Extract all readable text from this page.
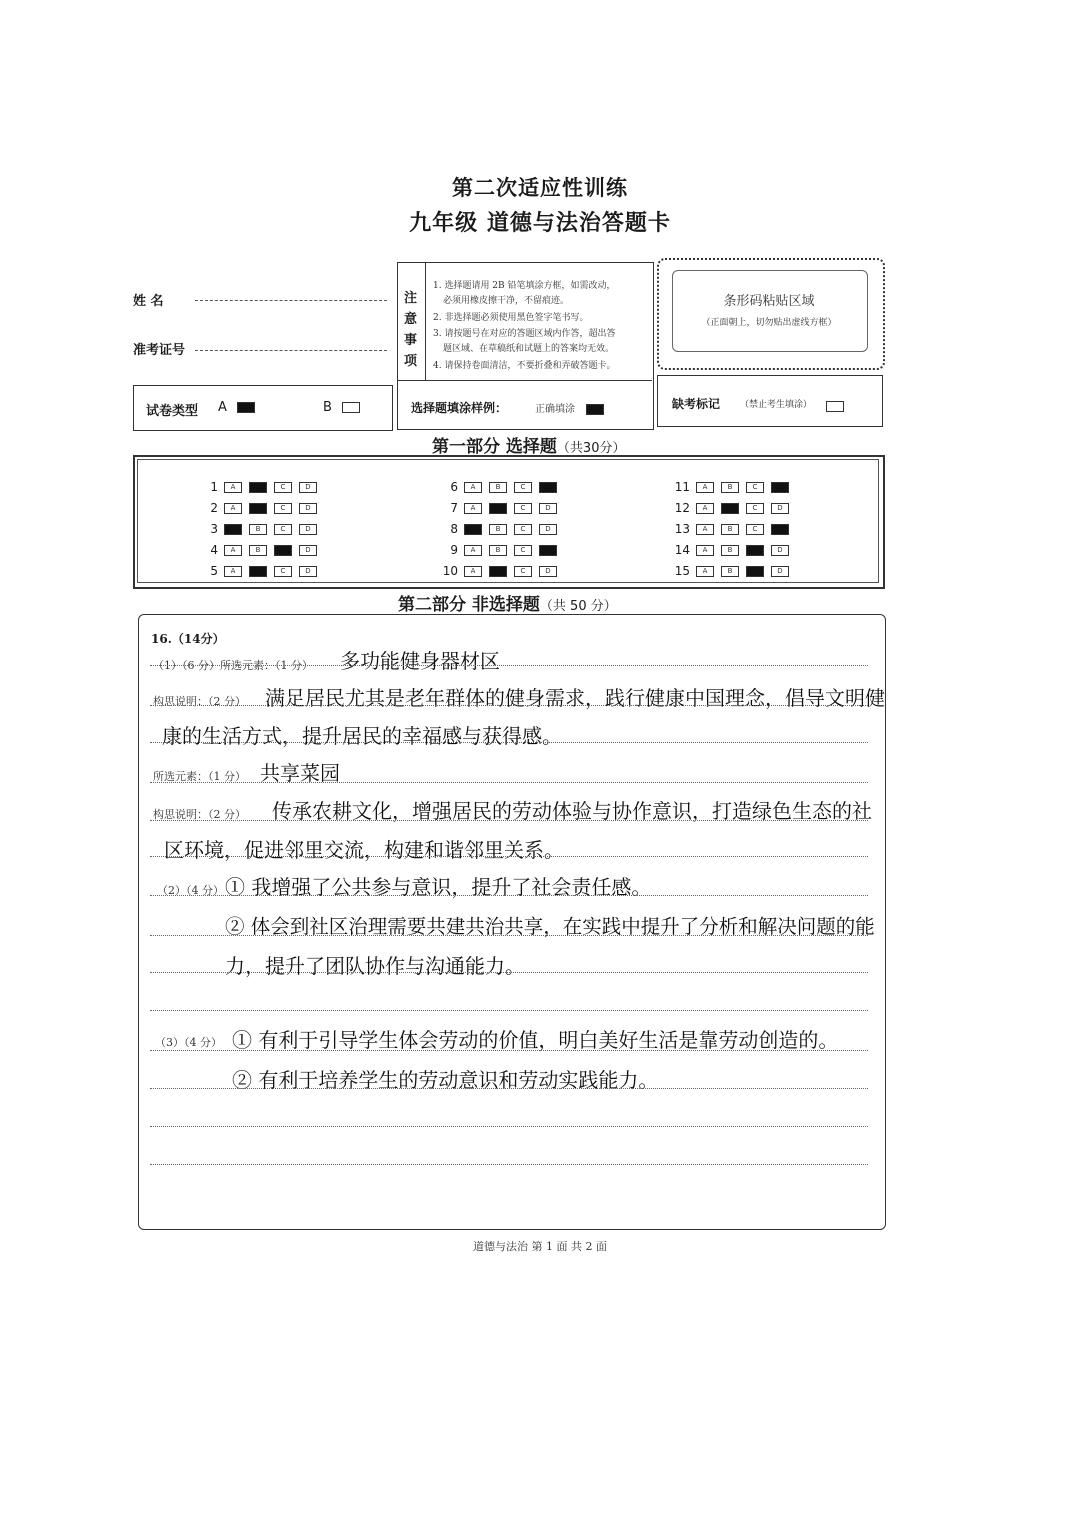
第二次适应性训练
九年级 道德与法治答题卡
姓 名
准考证号
试卷类型 A	B
注意事项
1. 选择题请用 2B 铅笔填涂方框，如需改动，
必须用橡皮擦干净，不留痕迹。
2. 非选择题必须使用黑色签字笔书写。
3. 请按题号在对应的答题区域内作答，超出答
题区域、在草稿纸和试题上的答案均无效。
4. 请保持卷面清洁，不要折叠和弄破答题卡。
选择题填涂样例：	正确填涂
条形码粘贴区域
（正面朝上，切勿贴出虚线方框）
缺考标记 （禁止考生填涂）
第一部分 选择题（共30分）
1 A	B	C	D
2 A	B	C	D
3 A	B	C	D
4 A	B	C	D
5 A	B	C	D
6 A	B	C	D
7 A	B	C	D
8 A	B	C	D
9 A	B	C	D
10 A	B	C	D
11 A	B	C	D
12 A	B	C	D
13 A	B	C	D
14 A	B	C	D
15 A	B	C	D
第二部分 非选择题（共 50 分）
16.（14分）
（1）（6 分）所选元素：（1 分） 多功能健身器材区
构思说明：（2 分） 满足居民尤其是老年群体的健身需求，践行健康中国理念，倡导文明健
康的生活方式，提升居民的幸福感与获得感。
所选元素：（1 分） 共享菜园
构思说明：（2 分） 传承农耕文化，增强居民的劳动体验与协作意识，打造绿色生态的社
区环境，促进邻里交流，构建和谐邻里关系。
（2）（4 分） ① 我增强了公共参与意识，提升了社会责任感。
② 体会到社区治理需要共建共治共享，在实践中提升了分析和解决问题的能
力，提升了团队协作与沟通能力。
（3）（4 分） ① 有利于引导学生体会劳动的价值，明白美好生活是靠劳动创造的。
② 有利于培养学生的劳动意识和劳动实践能力。
道德与法治 第 1 面 共 2 面
